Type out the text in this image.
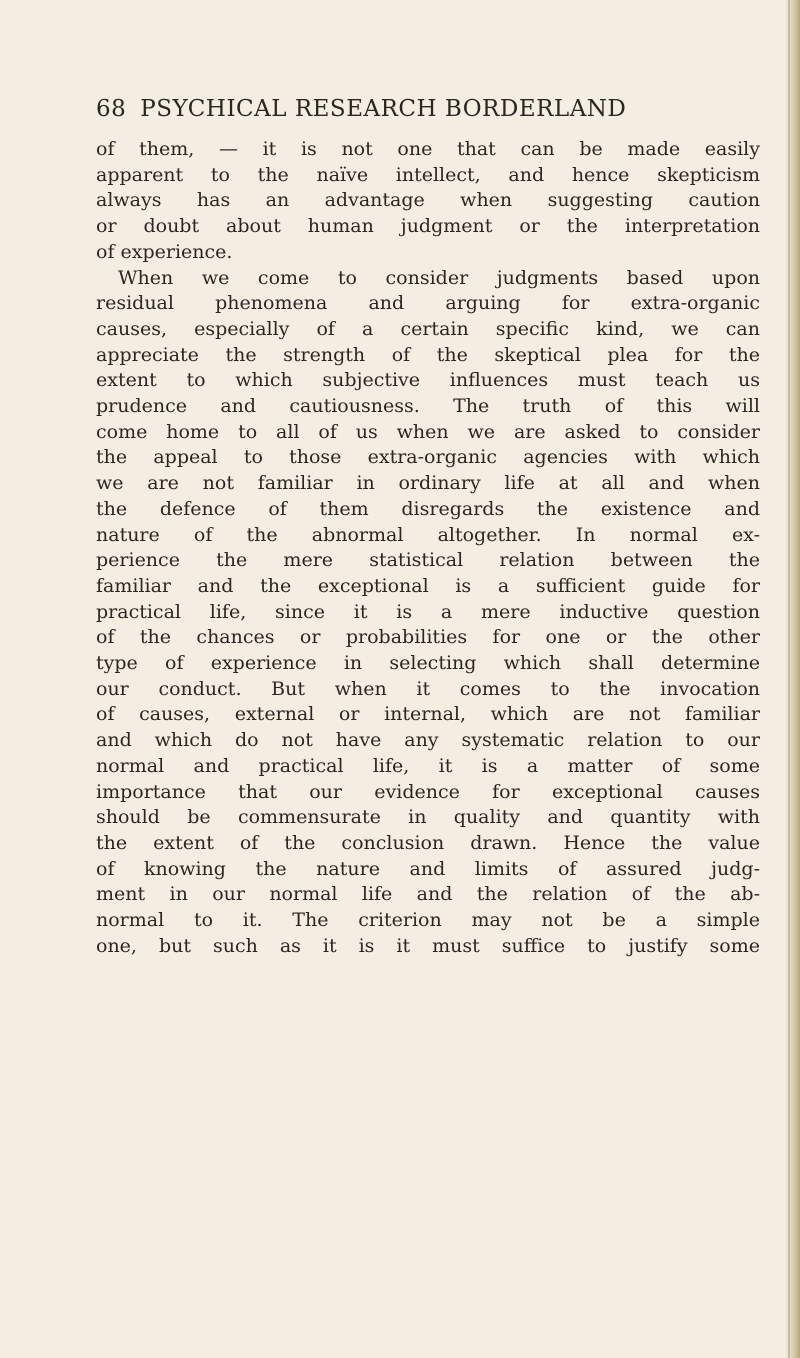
68 PSYCHICAL RESEARCH BORDERLAND
of them, — it is not one that can be made easily
apparent to the naïve intellect, and hence skepticism
always has an advantage when suggesting caution
or doubt about human judgment or the interpretation
of experience.
When we come to consider judgments based upon
residual phenomena and arguing for extra-organic
causes, especially of a certain specific kind, we can
appreciate the strength of the skeptical plea for the
extent to which subjective influences must teach us
prudence and cautiousness. The truth of this will
come home to all of us when we are asked to consider
the appeal to those extra-organic agencies with which
we are not familiar in ordinary life at all and when
the defence of them disregards the existence and
nature of the abnormal altogether. In normal ex-
perience the mere statistical relation between the
familiar and the exceptional is a sufficient guide for
practical life, since it is a mere inductive question
of the chances or probabilities for one or the other
type of experience in selecting which shall determine
our conduct. But when it comes to the invocation
of causes, external or internal, which are not familiar
and which do not have any systematic relation to our
normal and practical life, it is a matter of some
importance that our evidence for exceptional causes
should be commensurate in quality and quantity with
the extent of the conclusion drawn. Hence the value
of knowing the nature and limits of assured judg-
ment in our normal life and the relation of the ab-
normal to it. The criterion may not be a simple
one, but such as it is it must suffice to justify some
